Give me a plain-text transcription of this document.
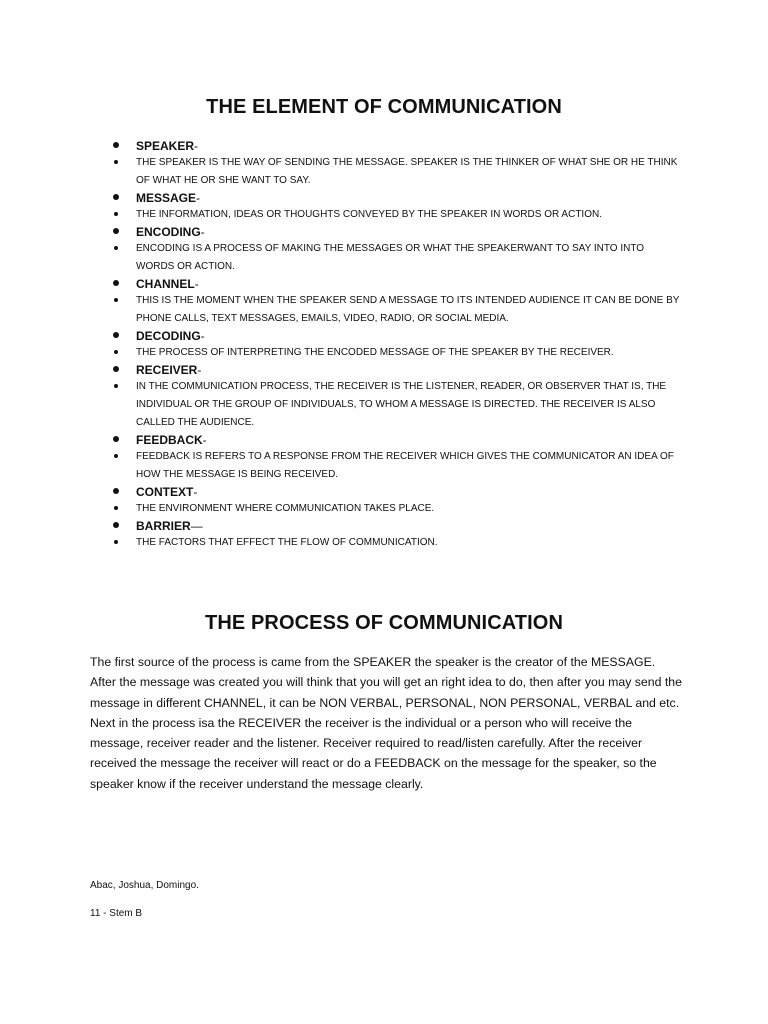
THE ELEMENT OF COMMUNICATION
SPEAKER-
THE SPEAKER IS THE WAY OF SENDING THE MESSAGE. SPEAKER IS THE THINKER OF WHAT SHE OR HE THINK OF WHAT HE OR SHE WANT TO SAY.
MESSAGE-
THE INFORMATION, IDEAS OR THOUGHTS CONVEYED BY THE SPEAKER IN WORDS OR ACTION.
ENCODING-
ENCODING IS A PROCESS OF MAKING THE MESSAGES OR WHAT THE SPEAKERWANT TO SAY INTO INTO WORDS OR ACTION.
CHANNEL-
THIS IS THE MOMENT WHEN THE SPEAKER SEND A MESSAGE TO ITS INTENDED AUDIENCE IT CAN BE DONE BY PHONE CALLS, TEXT MESSAGES, EMAILS, VIDEO, RADIO, OR SOCIAL MEDIA.
DECODING-
THE PROCESS OF INTERPRETING THE ENCODED MESSAGE OF THE SPEAKER BY THE RECEIVER.
RECEIVER-
IN THE COMMUNICATION PROCESS, THE RECEIVER IS THE LISTENER, READER, OR OBSERVER THAT IS, THE INDIVIDUAL OR THE GROUP OF INDIVIDUALS, TO WHOM A MESSAGE IS DIRECTED. THE RECEIVER IS ALSO CALLED THE AUDIENCE.
FEEDBACK-
FEEDBACK IS REFERS TO A RESPONSE FROM THE RECEIVER WHICH GIVES THE COMMUNICATOR AN IDEA OF HOW THE MESSAGE IS BEING RECEIVED.
CONTEXT-
THE ENVIRONMENT WHERE COMMUNICATION TAKES PLACE.
BARRIER—
THE FACTORS THAT EFFECT THE FLOW OF COMMUNICATION.
THE PROCESS OF COMMUNICATION

The first source of the process is came from the SPEAKER the speaker is the creator of the MESSAGE. After the message was created you will think that you will get an right idea to do, then after you may send the message in different CHANNEL, it can be NON VERBAL, PERSONAL, NON PERSONAL, VERBAL and etc. Next in the process isa the RECEIVER the receiver is the individual or a person who will receive the message, receiver reader and the listener. Receiver required to read/listen carefully. After the receiver received the message the receiver will react or do a FEEDBACK on the message for the speaker, so the speaker know if the receiver understand the message clearly.

Abac, Joshua, Domingo.

11 - Stem B
